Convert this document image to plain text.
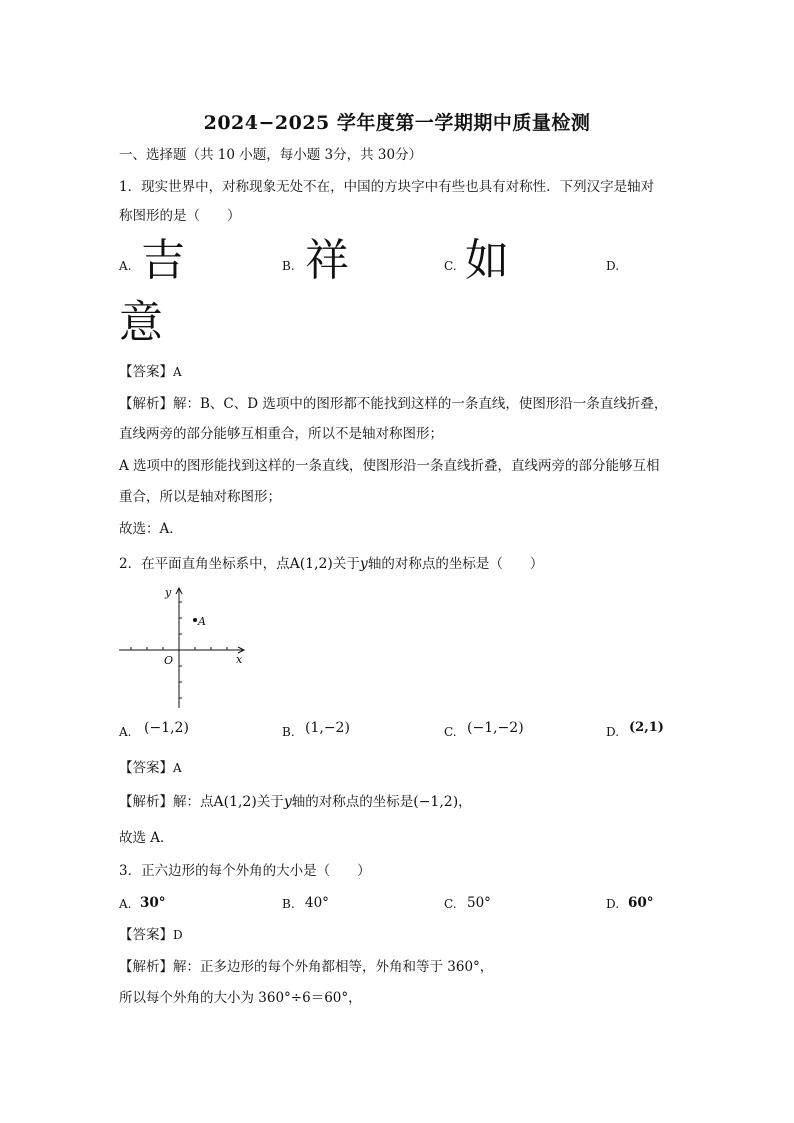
2024−2025 学年度第一学期期中质量检测
一、选择题（共 10 小题，每小题 3分，共 30分）
1．现实世界中，对称现象无处不在，中国的方块字中有些也具有对称性．下列汉字是轴对
称图形的是（　　）
A. 吉	B. 祥	C. 如	D.
意
【答案】A
【解析】解：B、C、D 选项中的图形都不能找到这样的一条直线，使图形沿一条直线折叠，
直线两旁的部分能够互相重合，所以不是轴对称图形；
A 选项中的图形能找到这样的一条直线，使图形沿一条直线折叠，直线两旁的部分能够互相
重合，所以是轴对称图形；
故选：A．
2．在平面直角坐标系中，点A(1,2)关于y轴的对称点的坐标是（　　）
A
y
x
O
A. (−1,2)	B. (1,−2)	C. (−1,−2)	D. (2,1)
【答案】A
【解析】解：点A(1,2)关于y轴的对称点的坐标是(−1,2)，
故选 A．
3．正六边形的每个外角的大小是（　　）
A. 30°	B. 40°	C. 50°	D. 60°
【答案】D
【解析】解：正多边形的每个外角都相等，外角和等于 360°，
所以每个外角的大小为 360°÷6＝60°，
